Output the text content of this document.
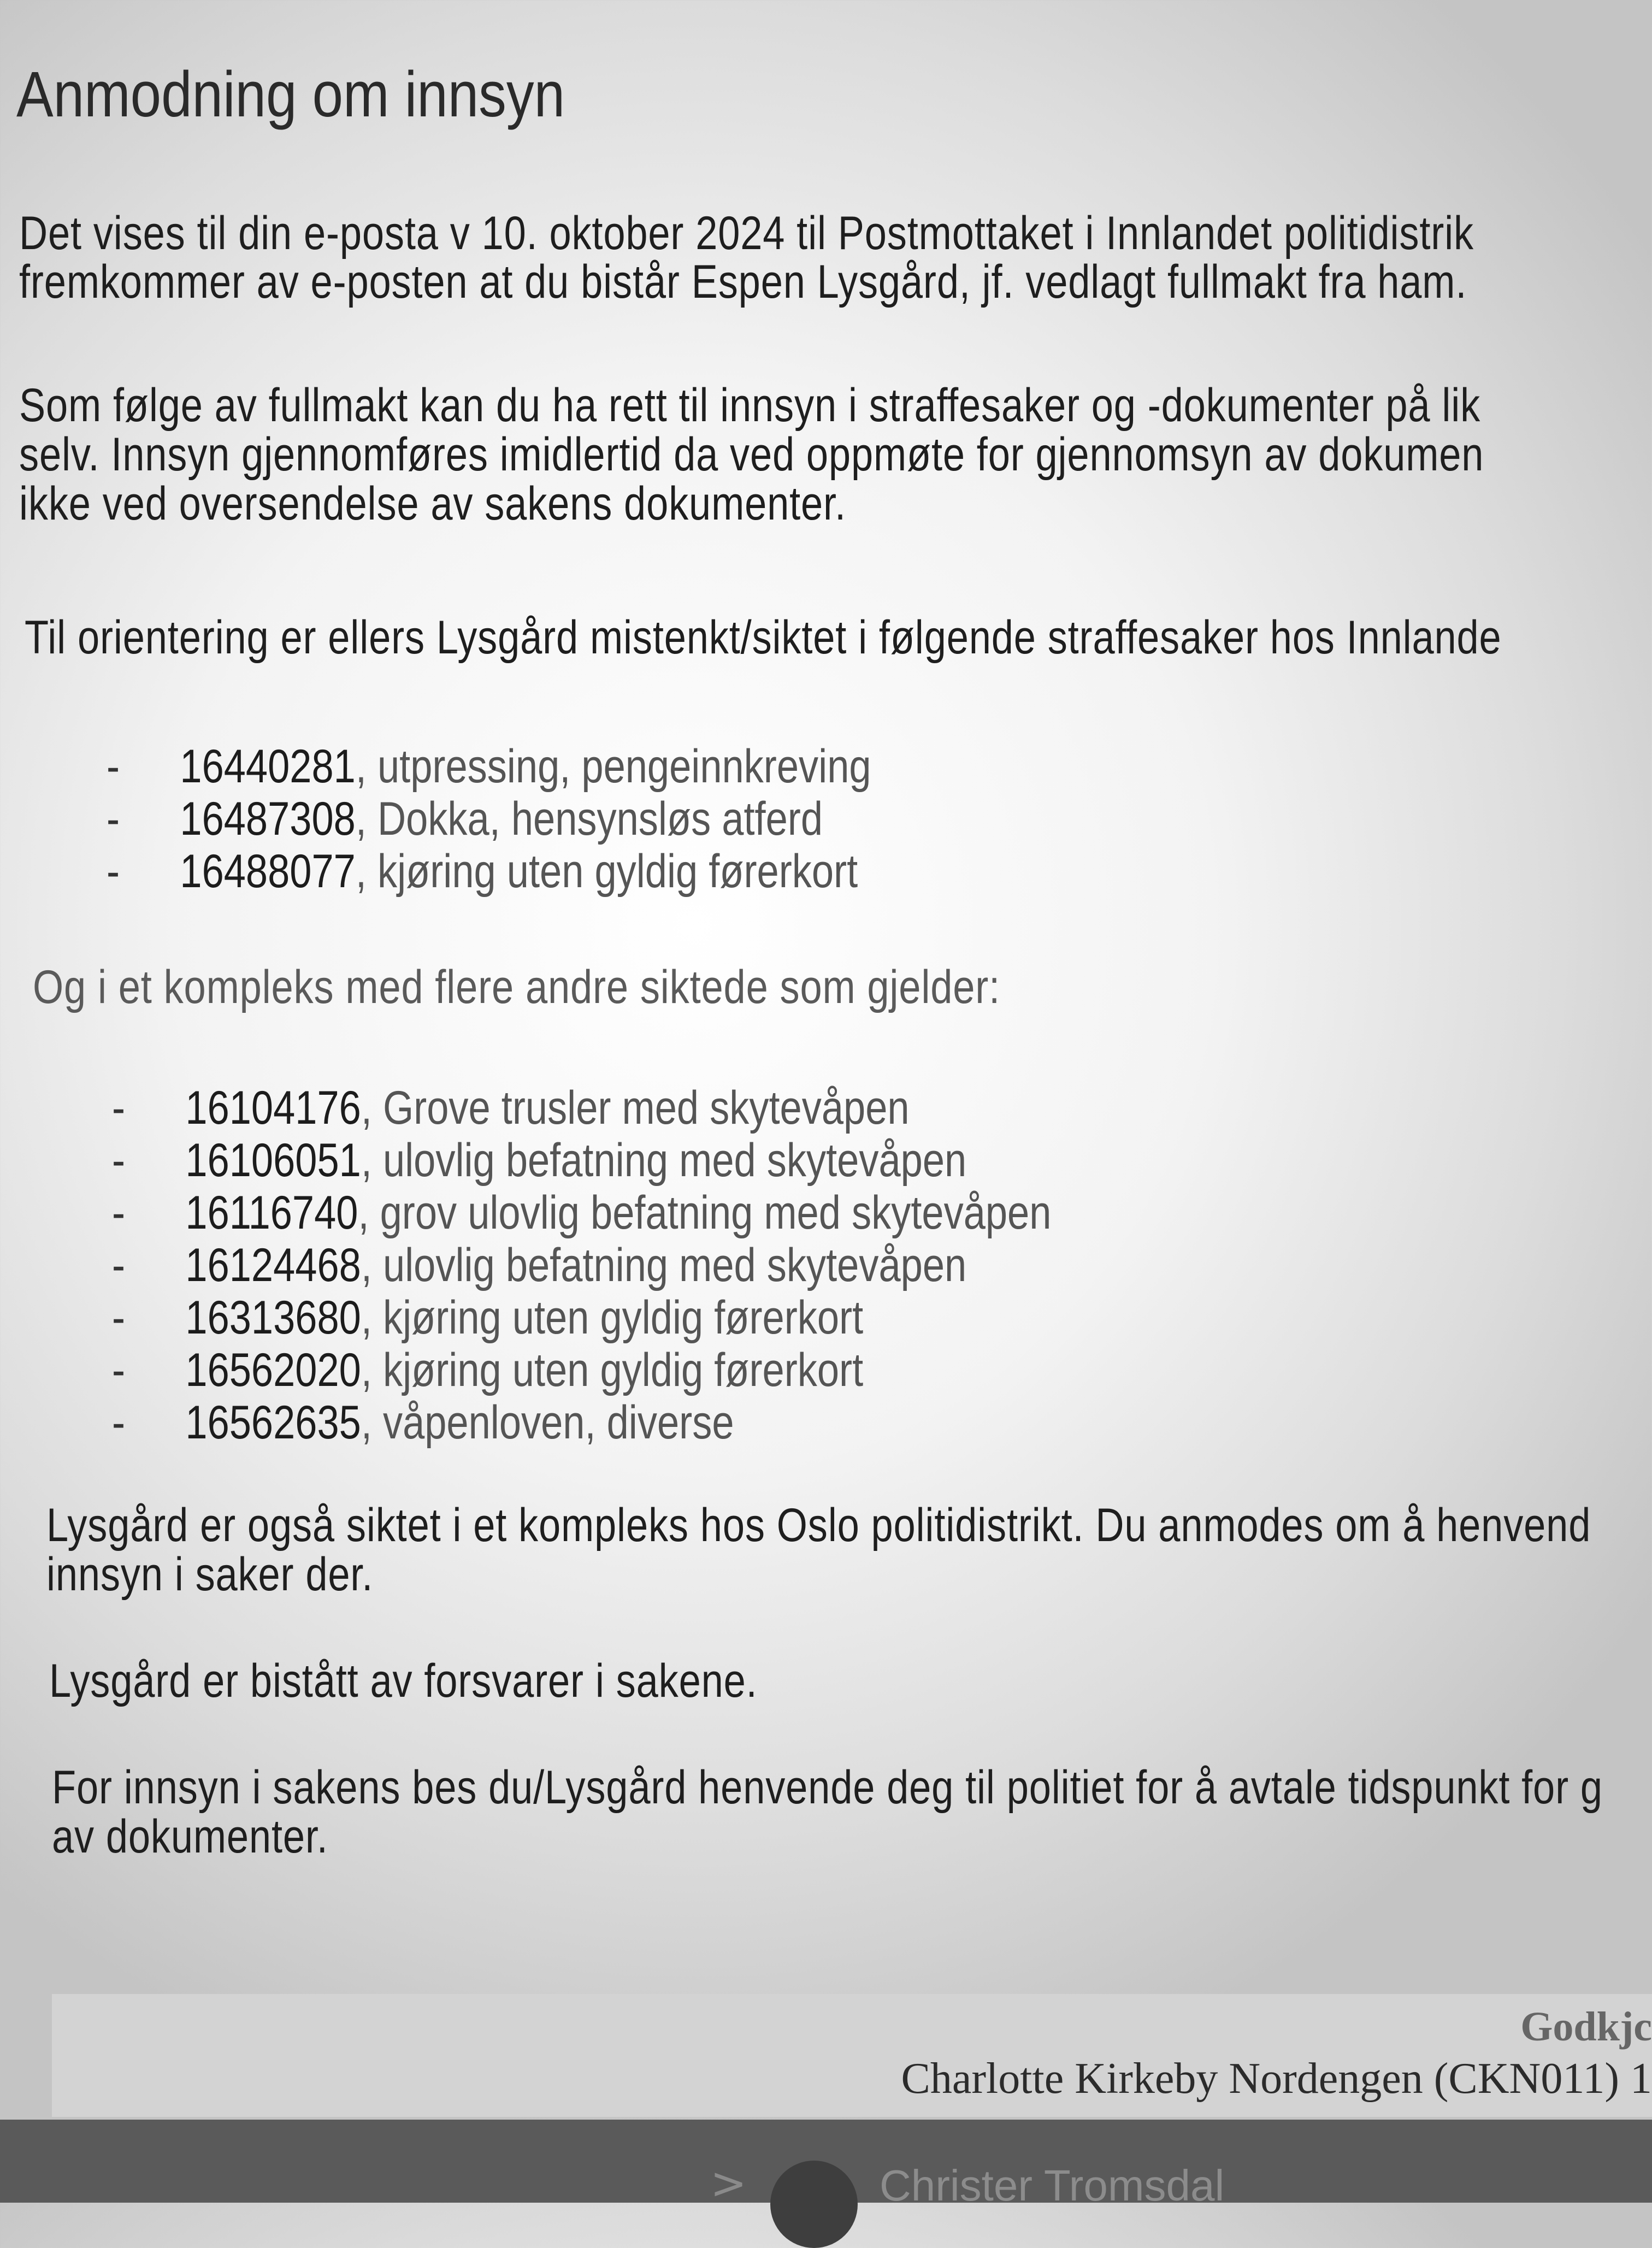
Anmodning om innsyn

Det vises til din e-posta v 10. oktober 2024 til Postmottaket i Innlandet politidistrik

fremkommer av e-posten at du bistår Espen Lysgård, jf. vedlagt fullmakt fra ham.

Som følge av fullmakt kan du ha rett til innsyn i straffesaker og -dokumenter på lik

selv. Innsyn gjennomføres imidlertid da ved oppmøte for gjennomsyn av dokumen

ikke ved oversendelse av sakens dokumenter.

Til orientering er ellers Lysgård mistenkt/siktet i følgende straffesaker hos Innlande

- 16440281, utpressing, pengeinnkreving
- 16487308, Dokka, hensynsløs atferd
- 16488077, kjøring uten gyldig førerkort

Og i et kompleks med flere andre siktede som gjelder:

- 16104176, Grove trusler med skytevåpen
- 16106051, ulovlig befatning med skytevåpen
- 16116740, grov ulovlig befatning med skytevåpen
- 16124468, ulovlig befatning med skytevåpen
- 16313680, kjøring uten gyldig førerkort
- 16562020, kjøring uten gyldig førerkort
- 16562635, våpenloven, diverse

Lysgård er også siktet i et kompleks hos Oslo politidistrikt. Du anmodes om å henvend

innsyn i saker der.

Lysgård er bistått av forsvarer i sakene.

For innsyn i sakens bes du/Lysgård henvende deg til politiet for å avtale tidspunkt for g

av dokumenter.

Godkjc
Charlotte Kirkeby Nordengen (CKN011) 1
>	Christer Tromsdal
